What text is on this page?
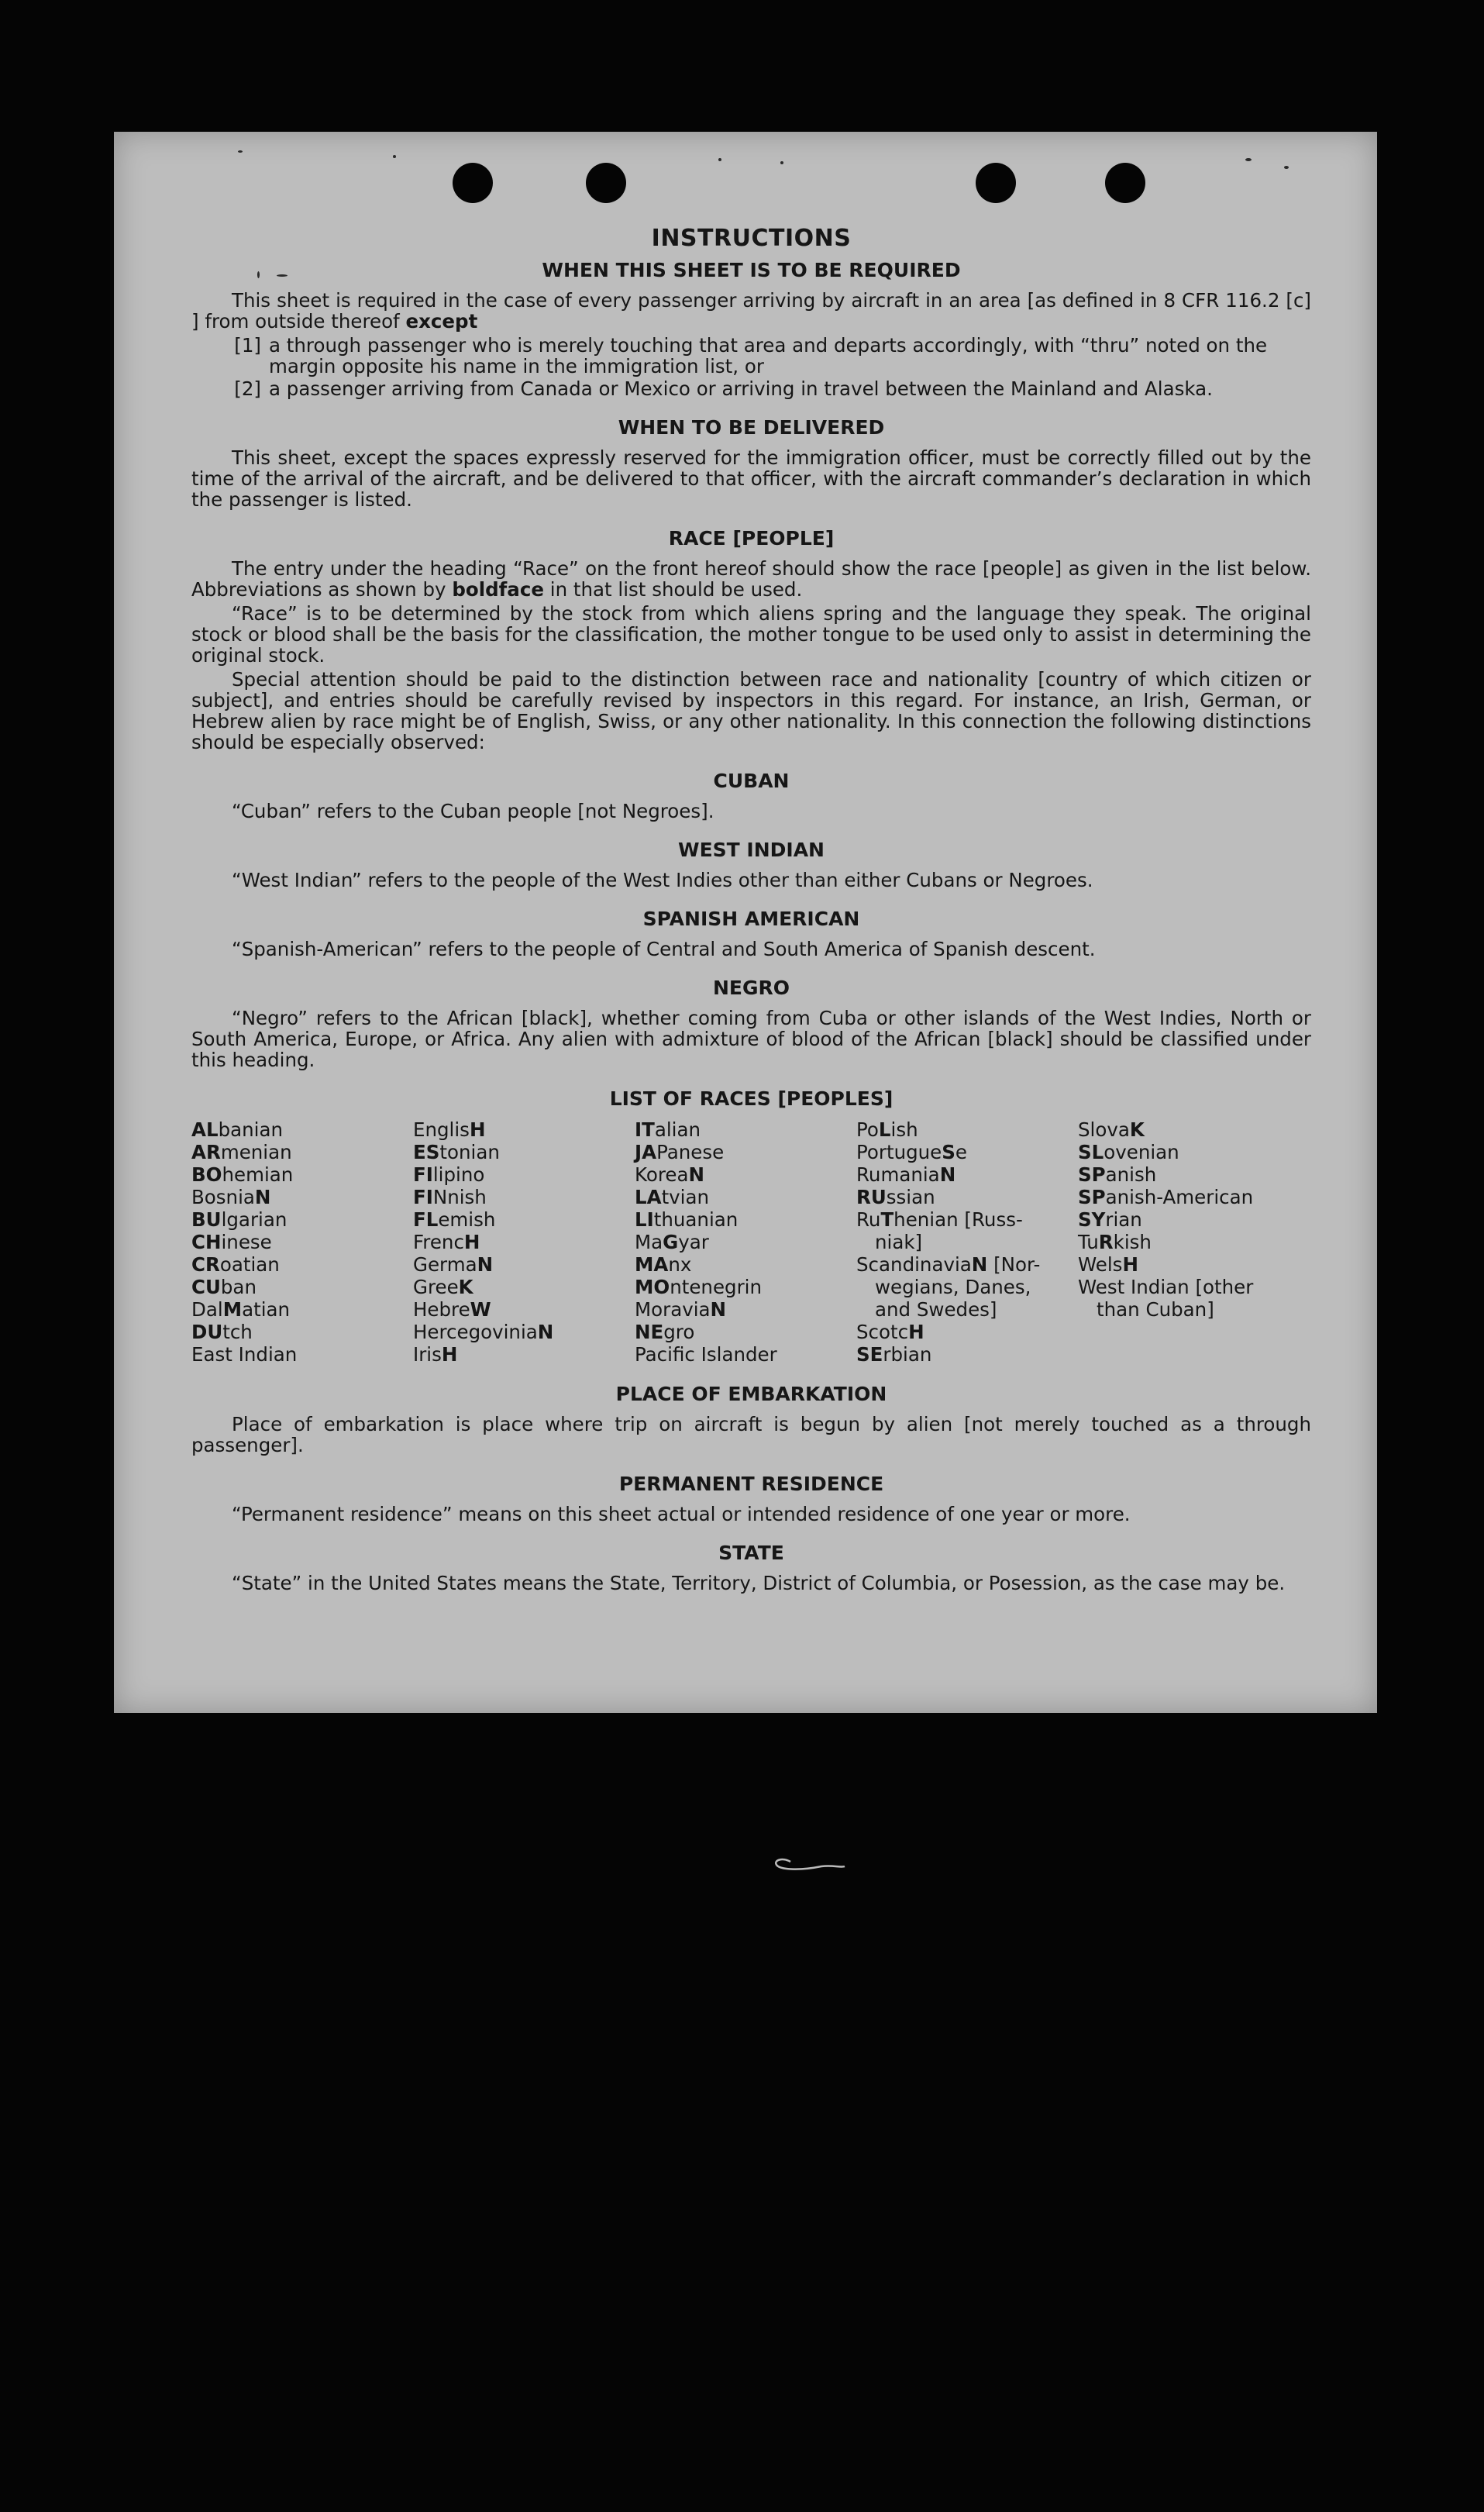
INSTRUCTIONS
WHEN THIS SHEET IS TO BE REQUIRED

This sheet is required in the case of every passenger arriving by aircraft in an area [as defined in 8 CFR 116.2 [c] ] from outside thereof except

[1] a through passenger who is merely touching that area and departs accordingly, with “thru” noted on the margin opposite his name in the immigration list, or
[2] a passenger arriving from Canada or Mexico or arriving in travel between the Mainland and Alaska.
WHEN TO BE DELIVERED

This sheet, except the spaces expressly reserved for the immigration officer, must be correctly filled out by the time of the arrival of the aircraft, and be delivered to that officer, with the aircraft commander’s declaration in which the passenger is listed.

RACE [PEOPLE]

The entry under the heading “Race” on the front hereof should show the race [people] as given in the list below. Abbreviations as shown by boldface in that list should be used.

“Race” is to be determined by the stock from which aliens spring and the language they speak. The original stock or blood shall be the basis for the classification, the mother tongue to be used only to assist in determining the original stock.

Special attention should be paid to the distinction between race and nationality [country of which citizen or subject], and entries should be carefully revised by inspectors in this regard. For instance, an Irish, German, or Hebrew alien by race might be of English, Swiss, or any other nationality. In this connection the following distinctions should be especially observed:

CUBAN

“Cuban” refers to the Cuban people [not Negroes].

WEST INDIAN

“West Indian” refers to the people of the West Indies other than either Cubans or Negroes.

SPANISH AMERICAN

“Spanish-American” refers to the people of Central and South America of Spanish descent.

NEGRO

“Negro” refers to the African [black], whether coming from Cuba or other islands of the West Indies, North or South America, Europe, or Africa. Any alien with admixture of blood of the African [black] should be classified under this heading.

LIST OF RACES [PEOPLES]
ALbanian
ARmenian
BOhemian
BosniaN
BUlgarian
CHinese
CRoatian
CUban
DalMatian
DUtch
East Indian
EnglisH
EStonian
FIlipino
FINnish
FLemish
FrencH
GermaN
GreeK
HebreW
HercegoviniaN
IrisH
ITalian
JAPanese
KoreaN
LAtvian
LIthuanian
MaGyar
MAnx
MOntenegrin
MoraviaN
NEgro
Pacific Islander
PoLish
PortugueSe
RumaniaN
RUssian
RuThenian [Russ-
niak]
ScandinaviaN [Nor-
wegians, Danes,
and Swedes]
ScotcH
SErbian
SlovaK
SLovenian
SPanish
SPanish-American
SYrian
TuRkish
WelsH
West Indian [other
than Cuban]
PLACE OF EMBARKATION

Place of embarkation is place where trip on aircraft is begun by alien [not merely touched as a through passenger].

PERMANENT RESIDENCE

“Permanent residence” means on this sheet actual or intended residence of one year or more.

STATE

“State” in the United States means the State, Territory, District of Columbia, or Posession, as the case may be.
